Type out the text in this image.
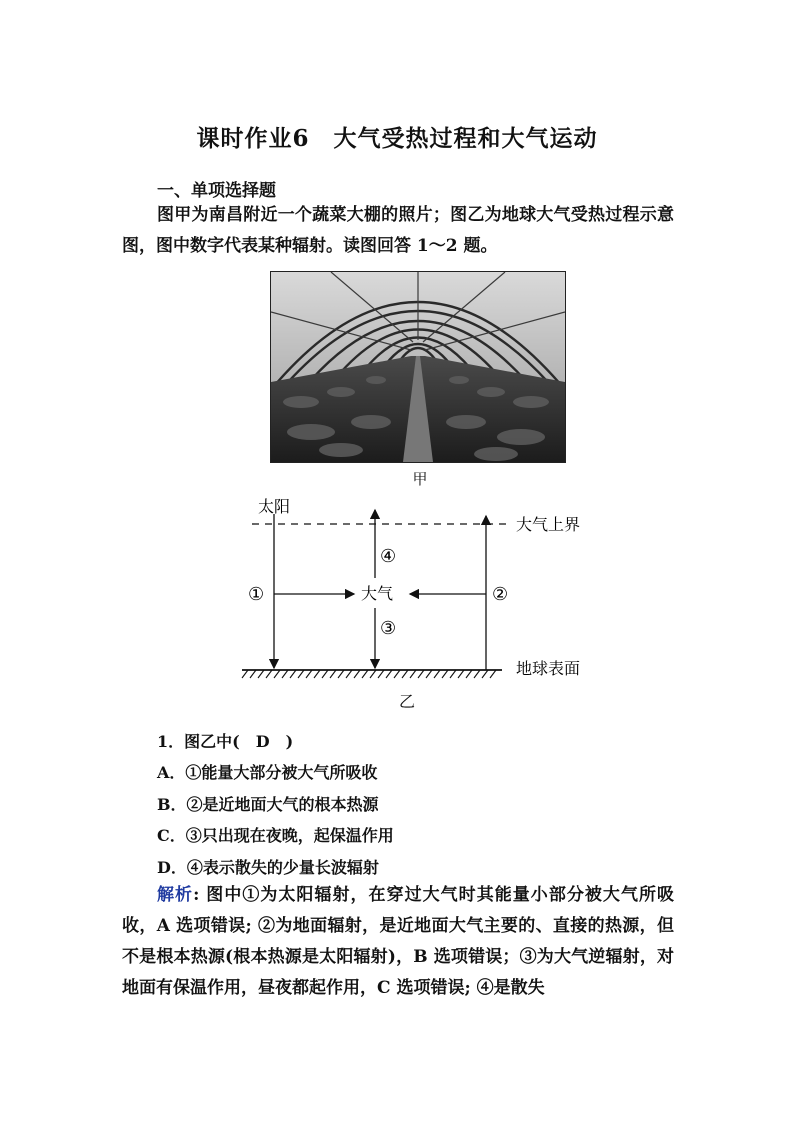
课时作业6　大气受热过程和大气运动
一、单项选择题
图甲为南昌附近一个蔬菜大棚的照片；图乙为地球大气受热过程示意图，图中数字代表某种辐射。读图回答 1～2 题。
甲
太阳
大气上界
地球表面
大气
①	②
③
④
乙
1．图乙中(　D　)
A．①能量大部分被大气所吸收
B．②是近地面大气的根本热源
C．③只出现在夜晚，起保温作用
D．④表示散失的少量长波辐射
解析: 图中①为太阳辐射，在穿过大气时其能量小部分被大气所吸收，A 选项错误; ②为地面辐射，是近地面大气主要的、直接的热源，但不是根本热源(根本热源是太阳辐射)，B 选项错误；③为大气逆辐射，对地面有保温作用，昼夜都起作用，C 选项错误; ④是散失
